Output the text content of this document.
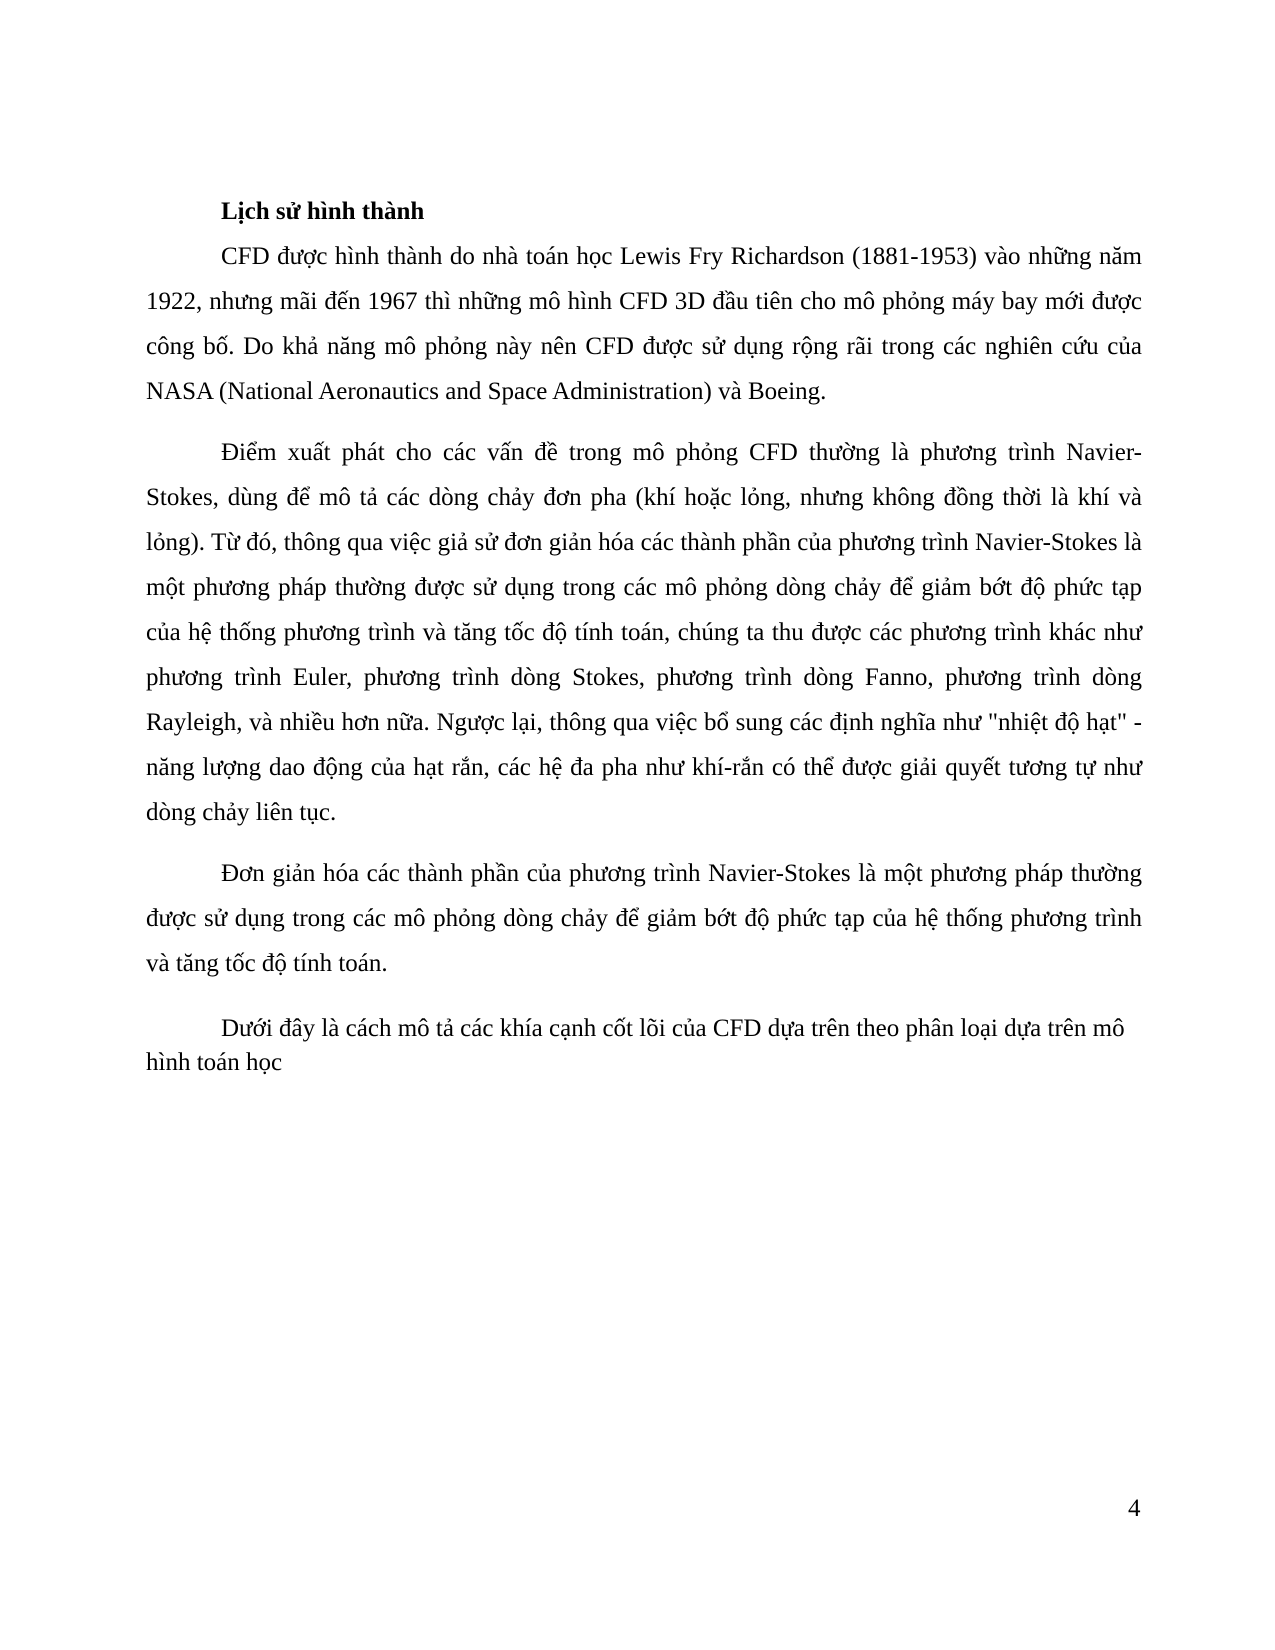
Lịch sử hình thành

CFD được hình thành do nhà toán học Lewis Fry Richardson (1881-1953) vào những năm 1922, nhưng mãi đến 1967 thì những mô hình CFD 3D đầu tiên cho mô phỏng máy bay mới được công bố. Do khả năng mô phỏng này nên CFD được sử dụng rộng rãi trong các nghiên cứu của NASA (National Aeronautics and Space Administration) và Boeing.

Điểm xuất phát cho các vấn đề trong mô phỏng CFD thường là phương trình Navier-Stokes, dùng để mô tả các dòng chảy đơn pha (khí hoặc lỏng, nhưng không đồng thời là khí và lỏng). Từ đó, thông qua việc giả sử đơn giản hóa các thành phần của phương trình Navier-Stokes là một phương pháp thường được sử dụng trong các mô phỏng dòng chảy để giảm bớt độ phức tạp của hệ thống phương trình và tăng tốc độ tính toán, chúng ta thu được các phương trình khác như phương trình Euler, phương trình dòng Stokes, phương trình dòng Fanno, phương trình dòng Rayleigh, và nhiều hơn nữa. Ngược lại, thông qua việc bổ sung các định nghĩa như "nhiệt độ hạt" - năng lượng dao động của hạt rắn, các hệ đa pha như khí-rắn có thể được giải quyết tương tự như dòng chảy liên tục.

Đơn giản hóa các thành phần của phương trình Navier-Stokes là một phương pháp thường được sử dụng trong các mô phỏng dòng chảy để giảm bớt độ phức tạp của hệ thống phương trình và tăng tốc độ tính toán.

Dưới đây là cách mô tả các khía cạnh cốt lõi của CFD dựa trên theo phân loại dựa trên mô hình toán học

4
